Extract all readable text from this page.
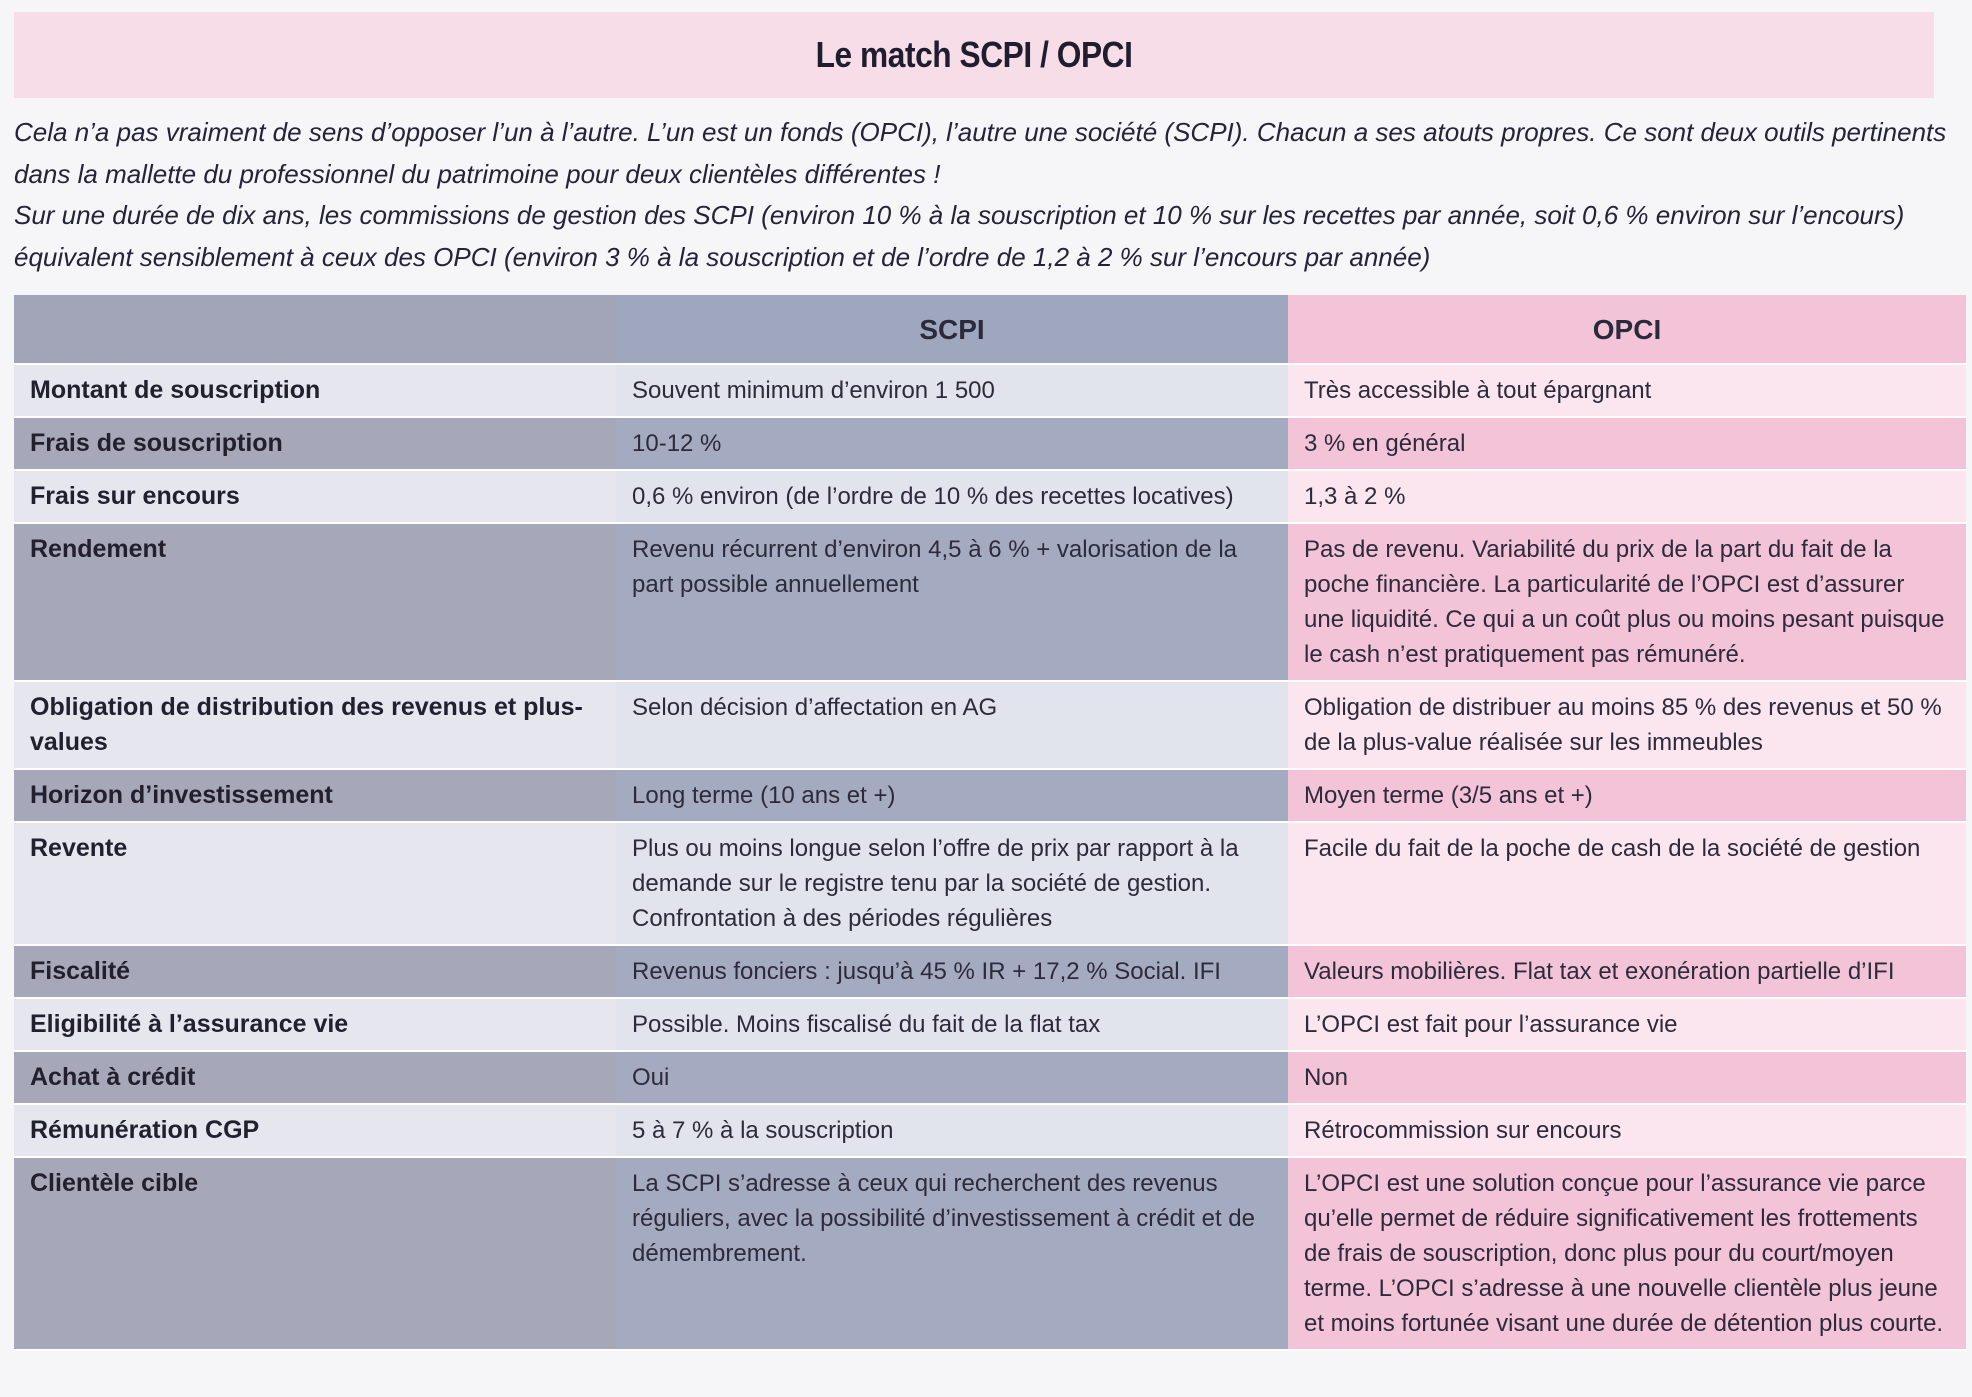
Le match SCPI / OPCI

Cela n’a pas vraiment de sens d’opposer l’un à l’autre. L’un est un fonds (OPCI), l’autre une société (SCPI). Chacun a ses atouts propres. Ce sont deux outils pertinents dans la mallette du professionnel du patrimoine pour deux clientèles différentes !

Sur une durée de dix ans, les commissions de gestion des SCPI (environ 10 % à la souscription et 10 % sur les recettes par année, soit 0,6 % environ sur l’encours) équivalent sensiblement à ceux des OPCI (environ 3 % à la souscription et de l’ordre de 1,2 à 2 % sur l’encours par année)

	SCPI	OPCI
Montant de souscription	Souvent minimum d’environ 1 500	Très accessible à tout épargnant
Frais de souscription	10-12 %	3 % en général
Frais sur encours	0,6 % environ (de l’ordre de 10 % des recettes locatives)	1,3 à 2 %
Rendement	Revenu récurrent d’environ 4,5 à 6 % + valorisation de la part possible annuellement	Pas de revenu. Variabilité du prix de la part du fait de la poche financière. La particularité de l’OPCI est d’assurer une liquidité. Ce qui a un coût plus ou moins pesant puisque le cash n’est pratiquement pas rémunéré.
Obligation de distribution des revenus et plus-values	Selon décision d’affectation en AG	Obligation de distribuer au moins 85 % des revenus et 50 % de la plus-value réalisée sur les immeubles
Horizon d’investissement	Long terme (10 ans et +)	Moyen terme (3/5 ans et +)
Revente	Plus ou moins longue selon l’offre de prix par rapport à la demande sur le registre tenu par la société de gestion. Confrontation à des périodes régulières	Facile du fait de la poche de cash de la société de gestion
Fiscalité	Revenus fonciers : jusqu’à 45 % IR + 17,2 % Social. IFI	Valeurs mobilières. Flat tax et exonération partielle d’IFI
Eligibilité à l’assurance vie	Possible. Moins fiscalisé du fait de la flat tax	L’OPCI est fait pour l’assurance vie
Achat à crédit	Oui	Non
Rémunération CGP	5 à 7 % à la souscription	Rétrocommission sur encours
Clientèle cible	La SCPI s’adresse à ceux qui recherchent des revenus réguliers, avec la possibilité d’investissement à crédit et de démembrement.	L’OPCI est une solution conçue pour l’assurance vie parce qu’elle permet de réduire significativement les frottements de frais de souscription, donc plus pour du court/moyen terme. L’OPCI s’adresse à une nouvelle clientèle plus jeune et moins fortunée visant une durée de détention plus courte.
